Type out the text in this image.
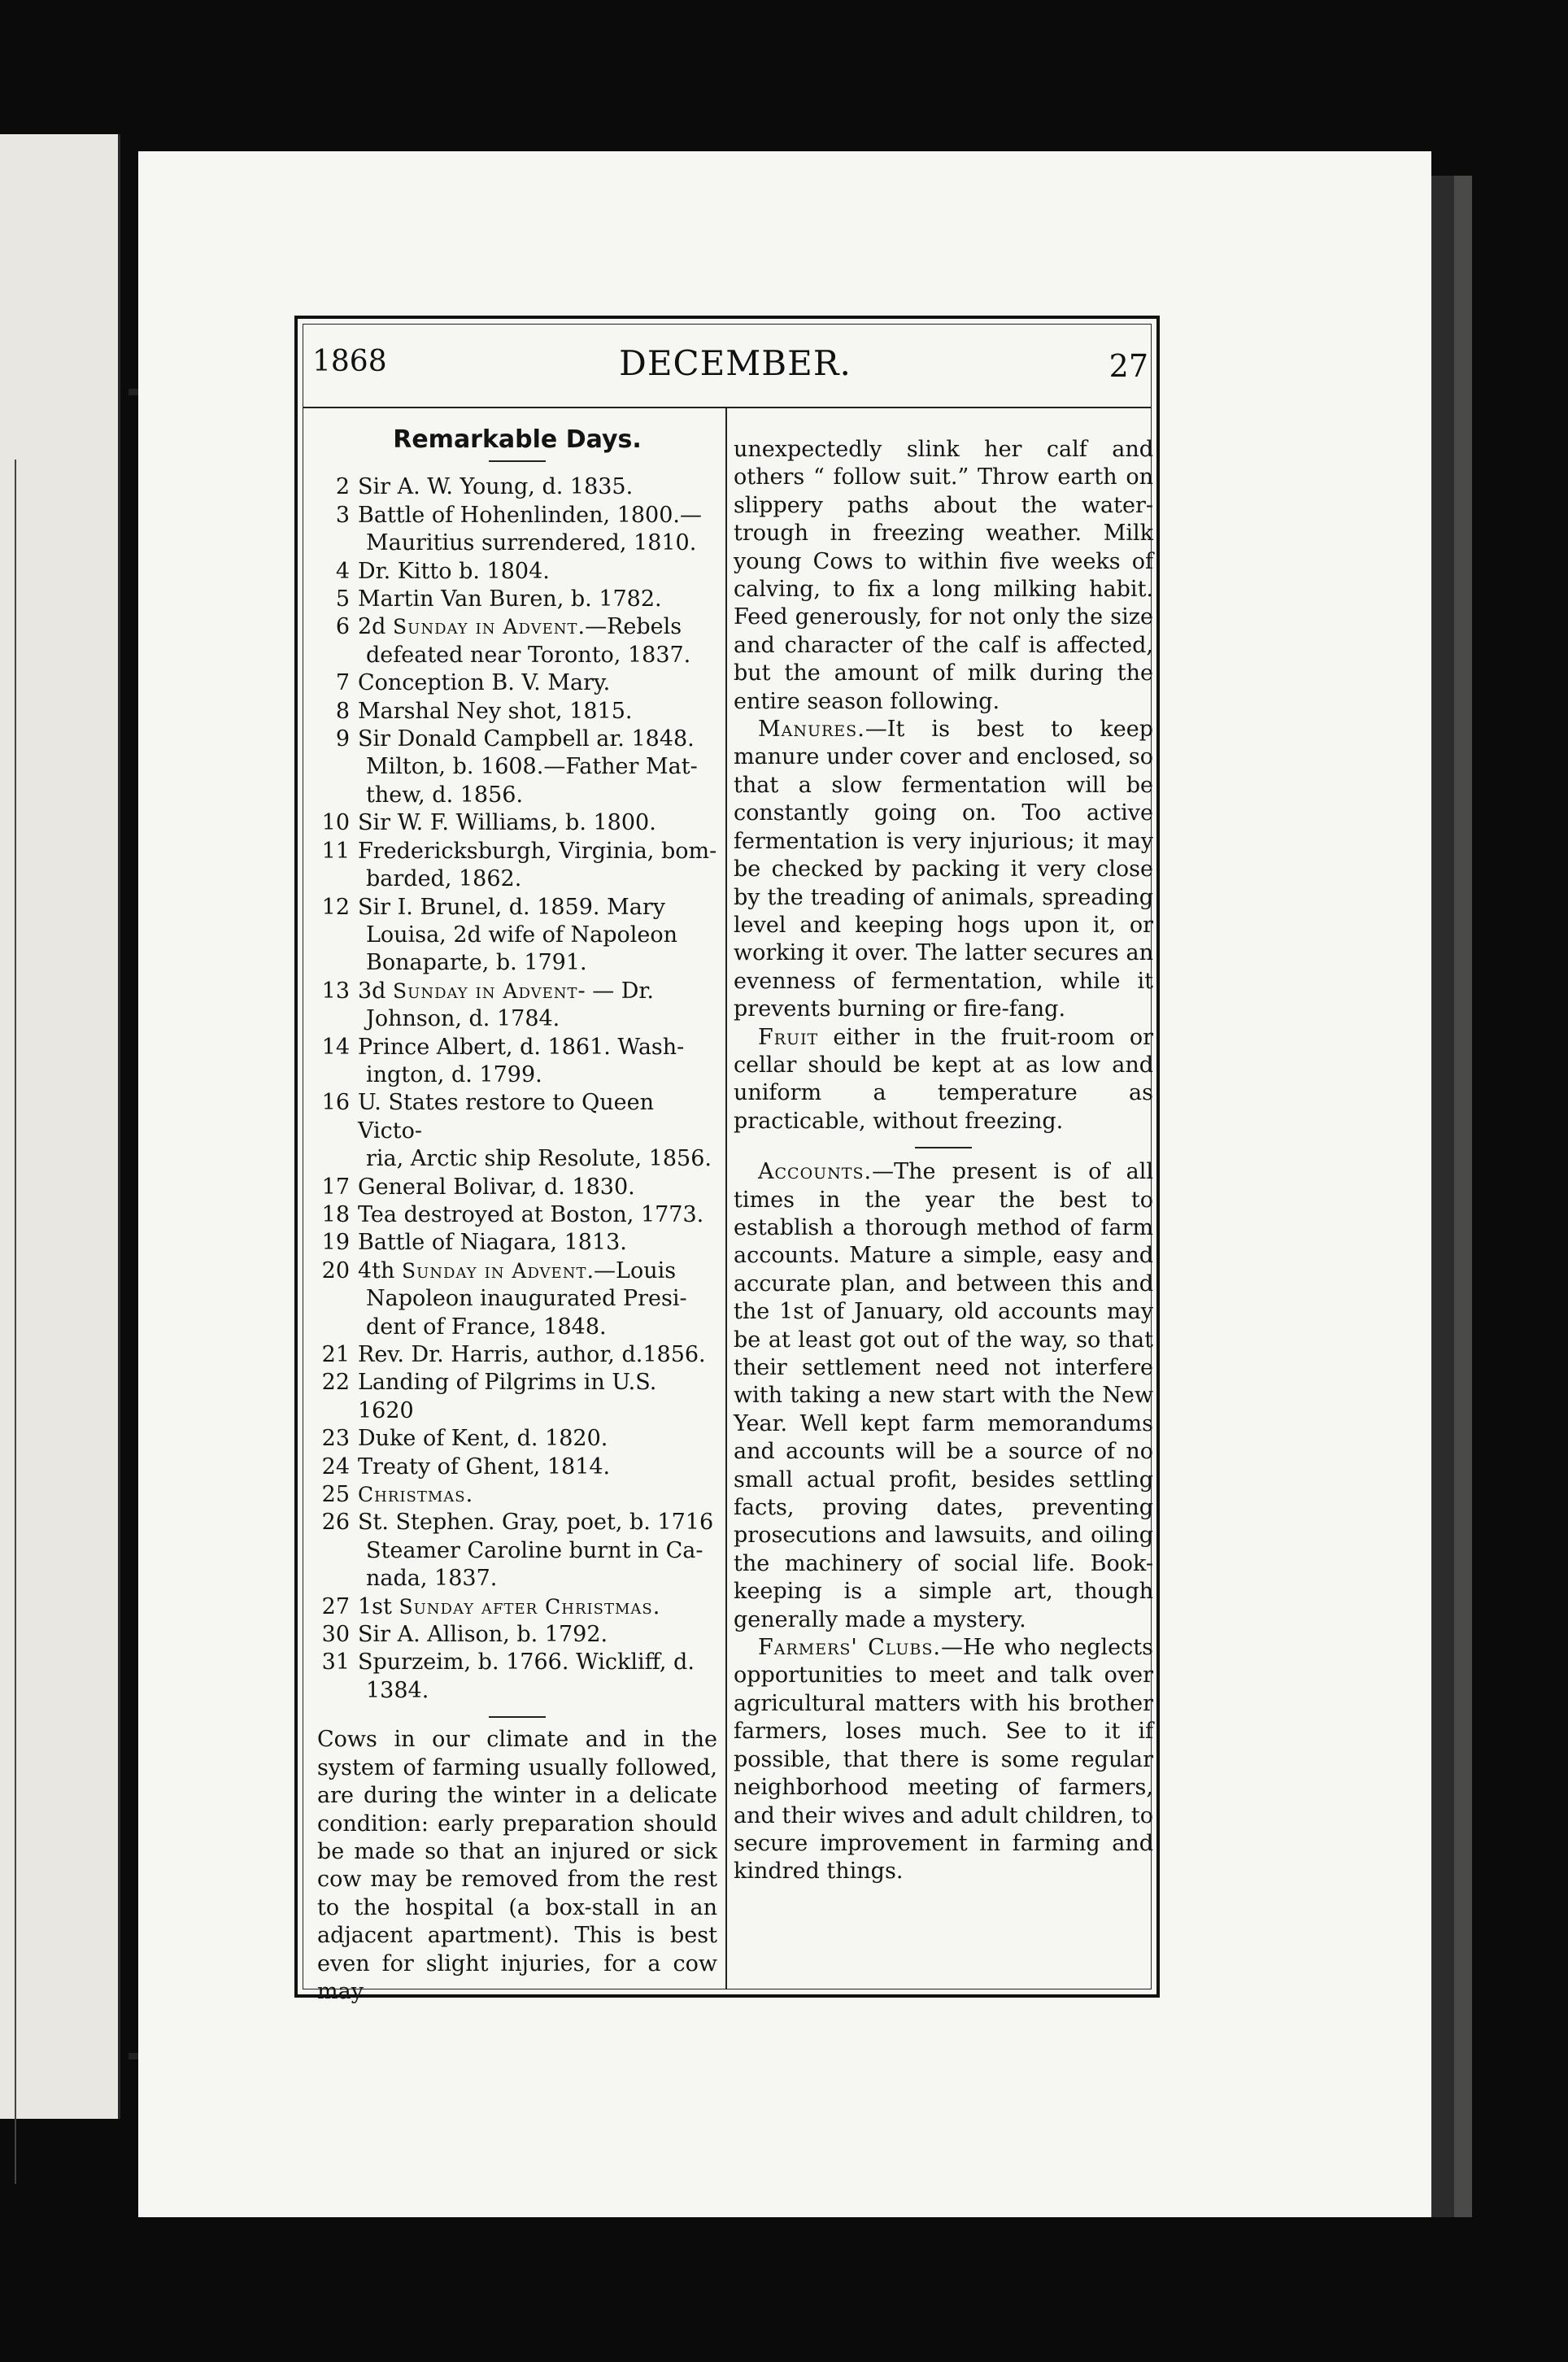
1868	DECEMBER.	27
Remarkable Days.
2 Sir A. W. Young, d. 1835.
3 Battle of Hohenlinden, 1800.—
Mauritius surrendered, 1810.
4 Dr. Kitto b. 1804.
5 Martin Van Buren, b. 1782.
6 2d Sunday in Advent.—Rebels
defeated near Toronto, 1837.
7 Conception B. V. Mary.
8 Marshal Ney shot, 1815.
9 Sir Donald Campbell ar. 1848.
Milton, b. 1608.—Father Mat-
thew, d. 1856.
10 Sir W. F. Williams, b. 1800.
11 Fredericksburgh, Virginia, bom-
barded, 1862.
12 Sir I. Brunel, d. 1859. Mary
Louisa, 2d wife of Napoleon
Bonaparte, b. 1791.
13 3d Sunday in Advent- — Dr.
Johnson, d. 1784.
14 Prince Albert, d. 1861. Wash-
ington, d. 1799.
16 U. States restore to Queen Victo-
ria, Arctic ship Resolute, 1856.
17 General Bolivar, d. 1830.
18 Tea destroyed at Boston, 1773.
19 Battle of Niagara, 1813.
20 4th Sunday in Advent.—Louis
Napoleon inaugurated Presi-
dent of France, 1848.
21 Rev. Dr. Harris, author, d.1856.
22 Landing of Pilgrims in U.S. 1620
23 Duke of Kent, d. 1820.
24 Treaty of Ghent, 1814.
25 Christmas.
26 St. Stephen. Gray, poet, b. 1716
Steamer Caroline burnt in Ca-
nada, 1837.
27 1st Sunday after Christmas.
30 Sir A. Allison, b. 1792.
31 Spurzeim, b. 1766. Wickliff, d.
1384.

Cows in our climate and in the system of farming usually followed, are during the winter in a delicate condition: early preparation should be made so that an injured or sick cow may be removed from the rest to the hospital (a box-stall in an adjacent apartment). This is best even for slight injuries, for a cow may

unexpectedly slink her calf and others “ follow suit.” Throw earth on slippery paths about the water-trough in freezing weather. Milk young Cows to within five weeks of calving, to fix a long milking habit. Feed generously, for not only the size and character of the calf is affected, but the amount of milk during the entire season following.

Manures.—It is best to keep manure under cover and enclosed, so that a slow fermentation will be constantly going on. Too active fermentation is very injurious; it may be checked by packing it very close by the treading of animals, spreading level and keeping hogs upon it, or working it over. The latter secures an evenness of fermentation, while it prevents burning or fire-fang.

Fruit either in the fruit-room or cellar should be kept at as low and uniform a temperature as practicable, without freezing.

Accounts.—The present is of all times in the year the best to establish a thorough method of farm accounts. Mature a simple, easy and accurate plan, and between this and the 1st of January, old accounts may be at least got out of the way, so that their settlement need not interfere with taking a new start with the New Year. Well kept farm memorandums and accounts will be a source of no small actual profit, besides settling facts, proving dates, preventing prosecutions and lawsuits, and oiling the machinery of social life. Book-keeping is a simple art, though generally made a mystery.

Farmers' Clubs.—He who neglects opportunities to meet and talk over agricultural matters with his brother farmers, loses much. See to it if possible, that there is some regular neighborhood meeting of farmers, and their wives and adult children, to secure improvement in farming and kindred things.
